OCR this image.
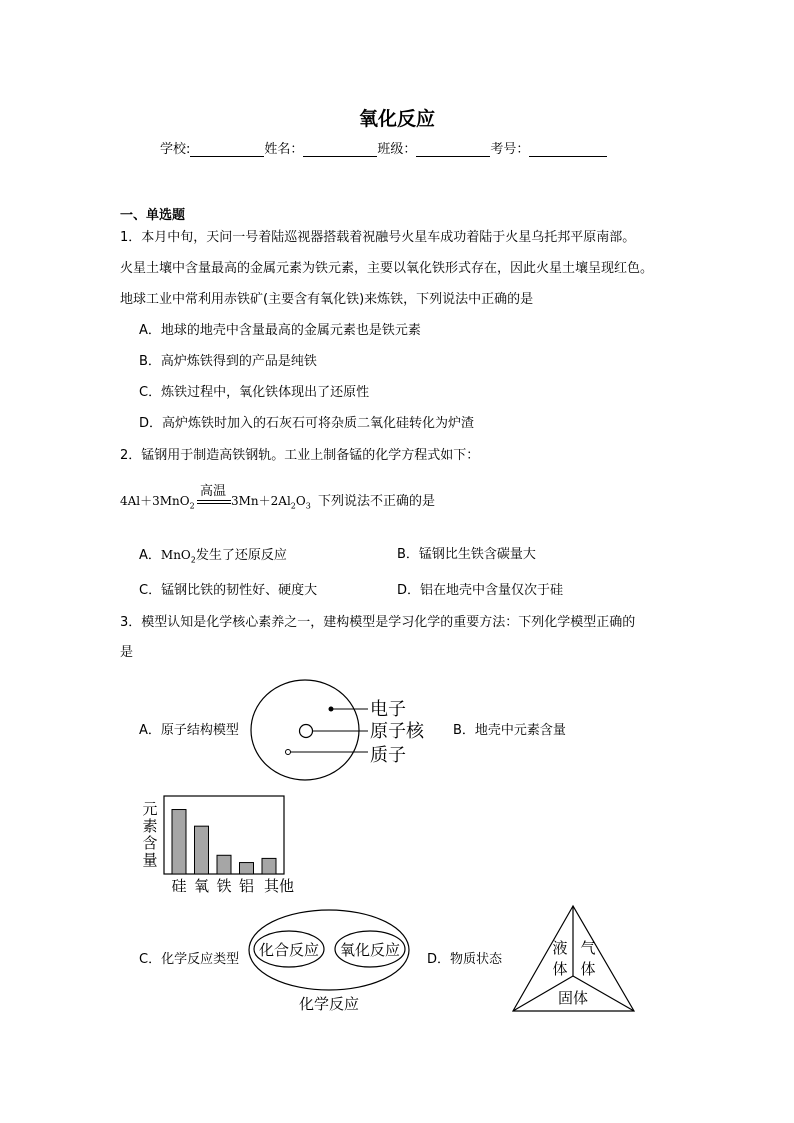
氧化反应
学校:	姓名：	班级：	考号：
一、单选题
1．本月中旬，天问一号着陆巡视器搭载着祝融号火星车成功着陆于火星乌托邦平原南部。
火星土壤中含量最高的金属元素为铁元素，主要以氧化铁形式存在，因此火星土壤呈现红色。
地球工业中常利用赤铁矿(主要含有氧化铁)来炼铁，下列说法中正确的是
A．地球的地壳中含量最高的金属元素也是铁元素
B．高炉炼铁得到的产品是纯铁
C．炼铁过程中，氧化铁体现出了还原性
D．高炉炼铁时加入的石灰石可将杂质二氧化硅转化为炉渣
2．锰钢用于制造高铁钢轨。工业上制备锰的化学方程式如下：
4Al＋3MnO$_2$
高温
$3Mn+2Al_2O_3$ 下列说法不正确的是
A．MnO$_2$发生了还原反应	B．锰钢比生铁含碳量大
C．锰钢比铁的韧性好、硬度大	D．铝在地壳中含量仅次于硅
3．模型认知是化学核心素养之一，建构模型是学习化学的重要方法：下列化学模型正确的
是
A．原子结构模型
电子
原子核
质子
B．地壳中元素含量
元
素
含
量
硅 氧 铁 铝 其他
C．化学反应类型
化合反应 氧化反应
化学反应
D．物质状态
液
体
气
体
固体
